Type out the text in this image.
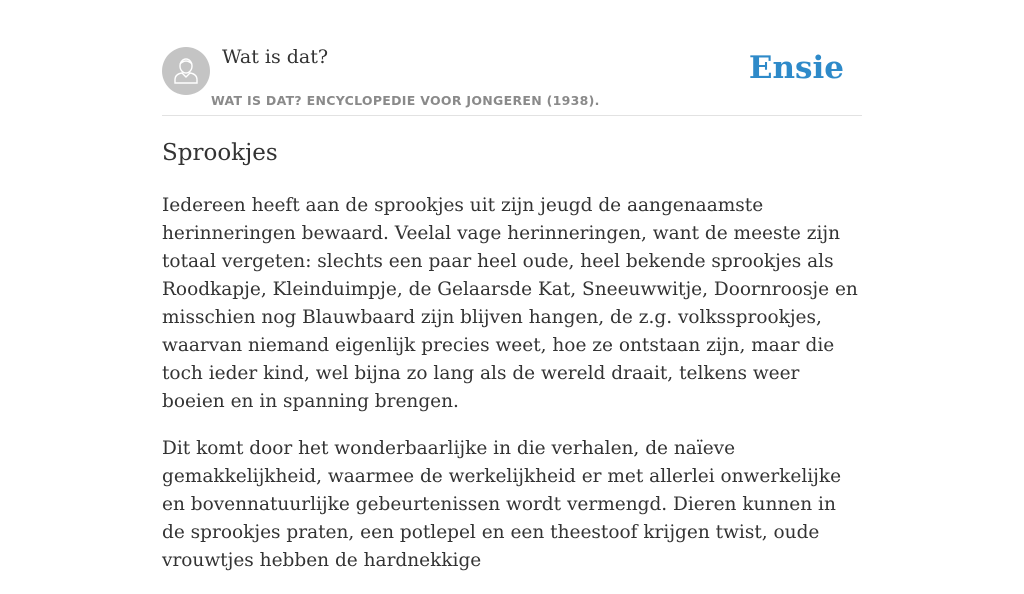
Wat is dat?
WAT IS DAT? ENCYCLOPEDIE VOOR JONGEREN (1938).
Ensie
Sprookjes

Iedereen heeft aan de sprookjes uit zijn jeugd de aangenaamste herinneringen bewaard. Veelal vage herinneringen, want de meeste zijn totaal vergeten: slechts een paar heel oude, heel bekende sprookjes als Roodkapje, Kleinduimpje, de Gelaarsde Kat, Sneeuwwitje, Doornroosje en misschien nog Blauwbaard zijn blijven hangen, de z.g. volkssprookjes, waarvan niemand eigenlijk precies weet, hoe ze ontstaan zijn, maar die toch ieder kind, wel bijna zo lang als de wereld draait, telkens weer boeien en in spanning brengen.

Dit komt door het wonderbaarlijke in die verhalen, de naïeve gemakkelijkheid, waarmee de werkelijkheid er met allerlei onwerkelijke en bovennatuurlijke gebeurtenissen wordt vermengd. Dieren kunnen in de sprookjes praten, een potlepel en een theestoof krijgen twist, oude vrouwtjes hebben de hardnekkige
